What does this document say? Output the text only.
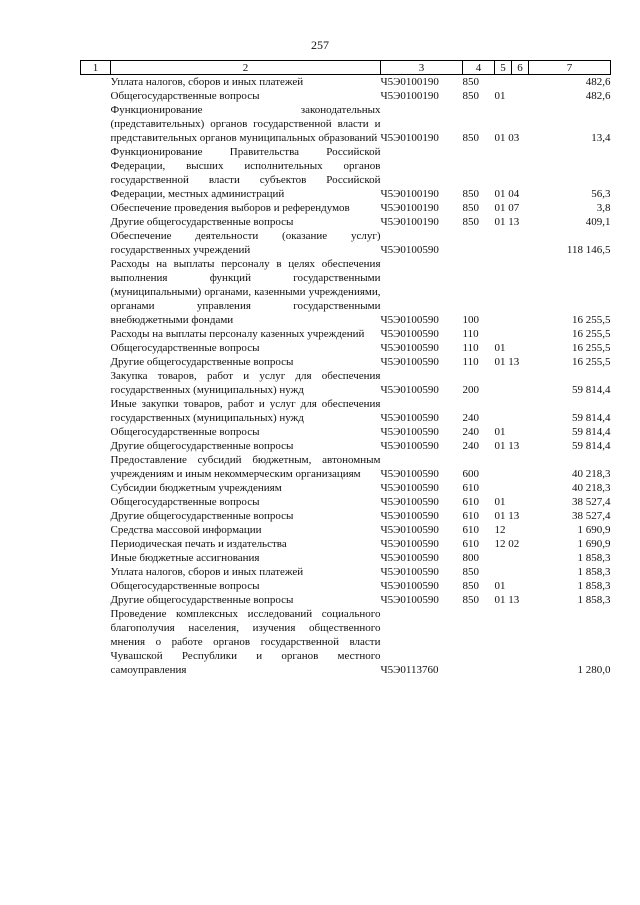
257
1	2	3	4	5	6	7
	Уплата налогов, сборов и иных платежей	Ч5Э0100190	850			482,6
	Общегосударственные вопросы	Ч5Э0100190	850	01		482,6
	Функционирование законодательных (представительных) органов государственной власти и представительных органов муниципальных образований	Ч5Э0100190	850	01 03		13,4
	Функционирование Правительства Российской Федерации, высших исполнительных органов государственной власти субъектов Российской Федерации, местных администраций	Ч5Э0100190	850	01 04		56,3
	Обеспечение проведения выборов и референдумов	Ч5Э0100190	850	01 07		3,8
	Другие общегосударственные вопросы	Ч5Э0100190	850	01 13		409,1
	Обеспечение деятельности (оказание услуг) государственных учреждений	Ч5Э0100590				118 146,5
	Расходы на выплаты персоналу в целях обеспечения выполнения функций государственными (муниципальными) органами, казенными учреждениями, органами управления государственными внебюджетными фондами	Ч5Э0100590	100			16 255,5
	Расходы на выплаты персоналу казенных учреждений	Ч5Э0100590	110			16 255,5
	Общегосударственные вопросы	Ч5Э0100590	110	01		16 255,5
	Другие общегосударственные вопросы	Ч5Э0100590	110	01 13		16 255,5
	Закупка товаров, работ и услуг для обеспечения государственных (муниципальных) нужд	Ч5Э0100590	200			59 814,4
	Иные закупки товаров, работ и услуг для обеспечения государственных (муниципальных) нужд	Ч5Э0100590	240			59 814,4
	Общегосударственные вопросы	Ч5Э0100590	240	01		59 814,4
	Другие общегосударственные вопросы	Ч5Э0100590	240	01 13		59 814,4
	Предоставление субсидий бюджетным, автономным учреждениям и иным некоммерческим организациям	Ч5Э0100590	600			40 218,3
	Субсидии бюджетным учреждениям	Ч5Э0100590	610			40 218,3
	Общегосударственные вопросы	Ч5Э0100590	610	01		38 527,4
	Другие общегосударственные вопросы	Ч5Э0100590	610	01 13		38 527,4
	Средства массовой информации	Ч5Э0100590	610	12		1 690,9
	Периодическая печать и издательства	Ч5Э0100590	610	12 02		1 690,9
	Иные бюджетные ассигнования	Ч5Э0100590	800			1 858,3
	Уплата налогов, сборов и иных платежей	Ч5Э0100590	850			1 858,3
	Общегосударственные вопросы	Ч5Э0100590	850	01		1 858,3
	Другие общегосударственные вопросы	Ч5Э0100590	850	01 13		1 858,3
	Проведение комплексных исследований социального благополучия населения, изучения общественного мнения о работе органов государственной власти Чувашской Республики и органов местного самоуправления	Ч5Э0113760				1 280,0
